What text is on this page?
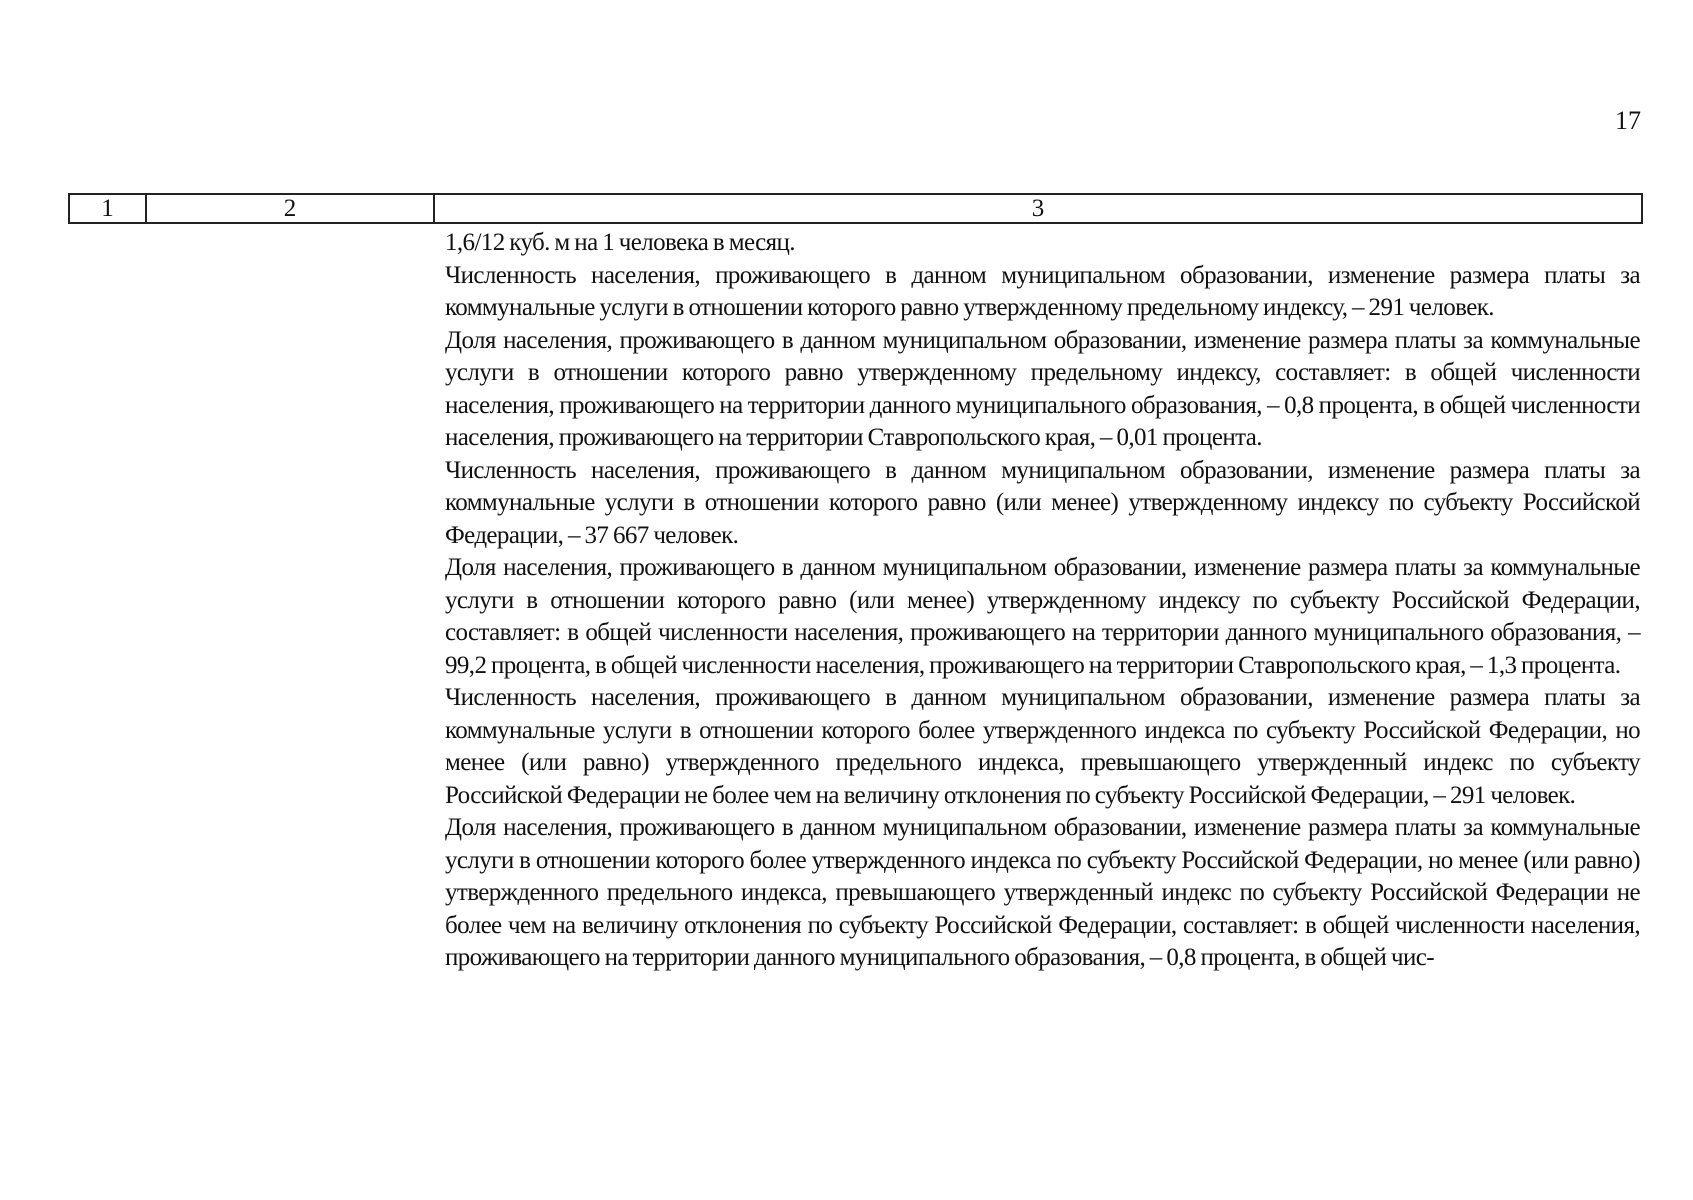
17
1	2	3

1,6/12 куб. м на 1 человека в месяц.

Численность населения, проживающего в данном муниципальном образовании, изменение размера платы за коммунальные услуги в отношении которого равно утвержденному предельному индексу, – 291 человек.

Доля населения, проживающего в данном муниципальном образовании, изменение размера платы за коммунальные услуги в отношении которого равно утвержденному предельному индексу, составляет: в общей численности населения, проживающего на территории данного муниципального образования, – 0,8 процента, в общей численности населения, проживающего на территории Ставропольского края, – 0,01 процента.

Численность населения, проживающего в данном муниципальном образовании, изменение размера платы за коммунальные услуги в отношении которого равно (или менее) утвержденному индексу по субъекту Российской Федерации, – 37 667 человек.

Доля населения, проживающего в данном муниципальном образовании, изменение размера платы за коммунальные услуги в отношении которого равно (или менее) утвержденному индексу по субъекту Российской Федерации, составляет: в общей численности населения, проживающего на территории данного муниципального образования, – 99,2 процента, в общей численности населения, проживающего на территории Ставропольского края, – 1,3 процента.

Численность населения, проживающего в данном муниципальном образовании, изменение размера платы за коммунальные услуги в отношении которого более утвержденного индекса по субъекту Российской Федерации, но менее (или равно) утвержденного предельного индекса, превышающего утвержденный индекс по субъекту Российской Федерации не более чем на величину отклонения по субъекту Российской Федерации, – 291 человек.

Доля населения, проживающего в данном муниципальном образовании, изменение размера платы за коммунальные услуги в отношении которого более утвержденного индекса по субъекту Российской Федерации, но менее (или равно) утвержденного предельного индекса, превышающего утвержденный индекс по субъекту Российской Федерации не более чем на величину отклонения по субъекту Российской Федерации, составляет: в общей численности населения, проживающего на территории данного муниципального образования, – 0,8 процента, в общей чис-
